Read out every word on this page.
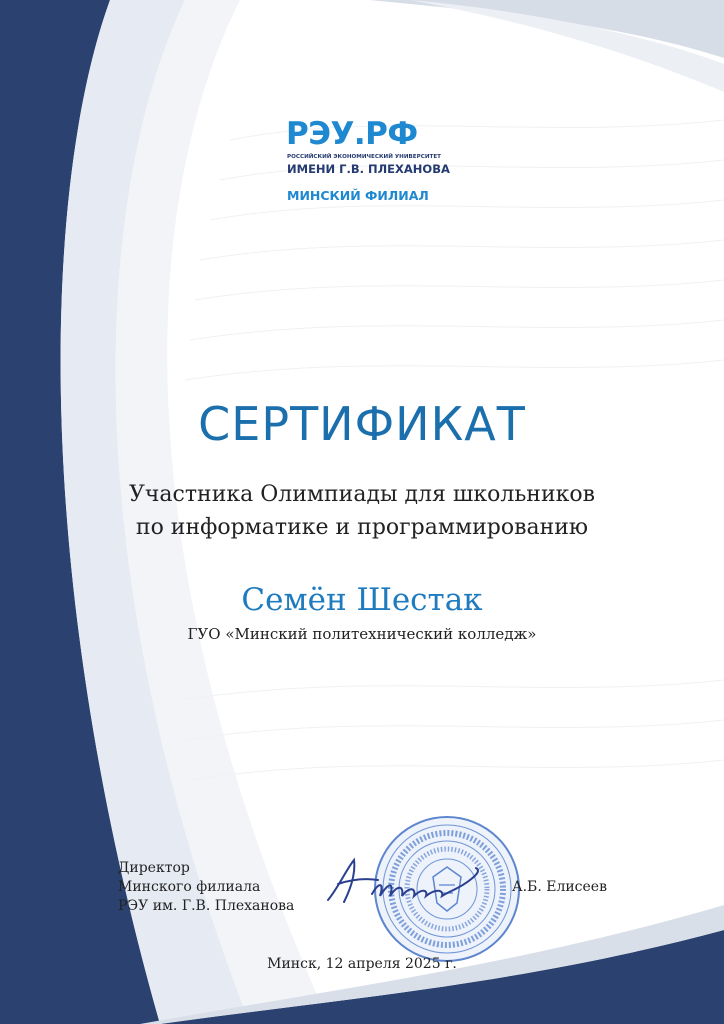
РЭУ.РФ
РОССИЙСКИЙ ЭКОНОМИЧЕСКИЙ УНИВЕРСИТЕТ
ИМЕНИ Г.В. ПЛЕХАНОВА
МИНСКИЙ ФИЛИАЛ
СЕРТИФИКАТ
Участника Олимпиады для школьников
по информатике и программированию
Семён Шестак
ГУО «Минский политехнический колледж»
Директор
Минского филиала
РЭУ им. Г.В. Плеханова
А.Б. Елисеев
Минск, 12 апреля 2025 г.
